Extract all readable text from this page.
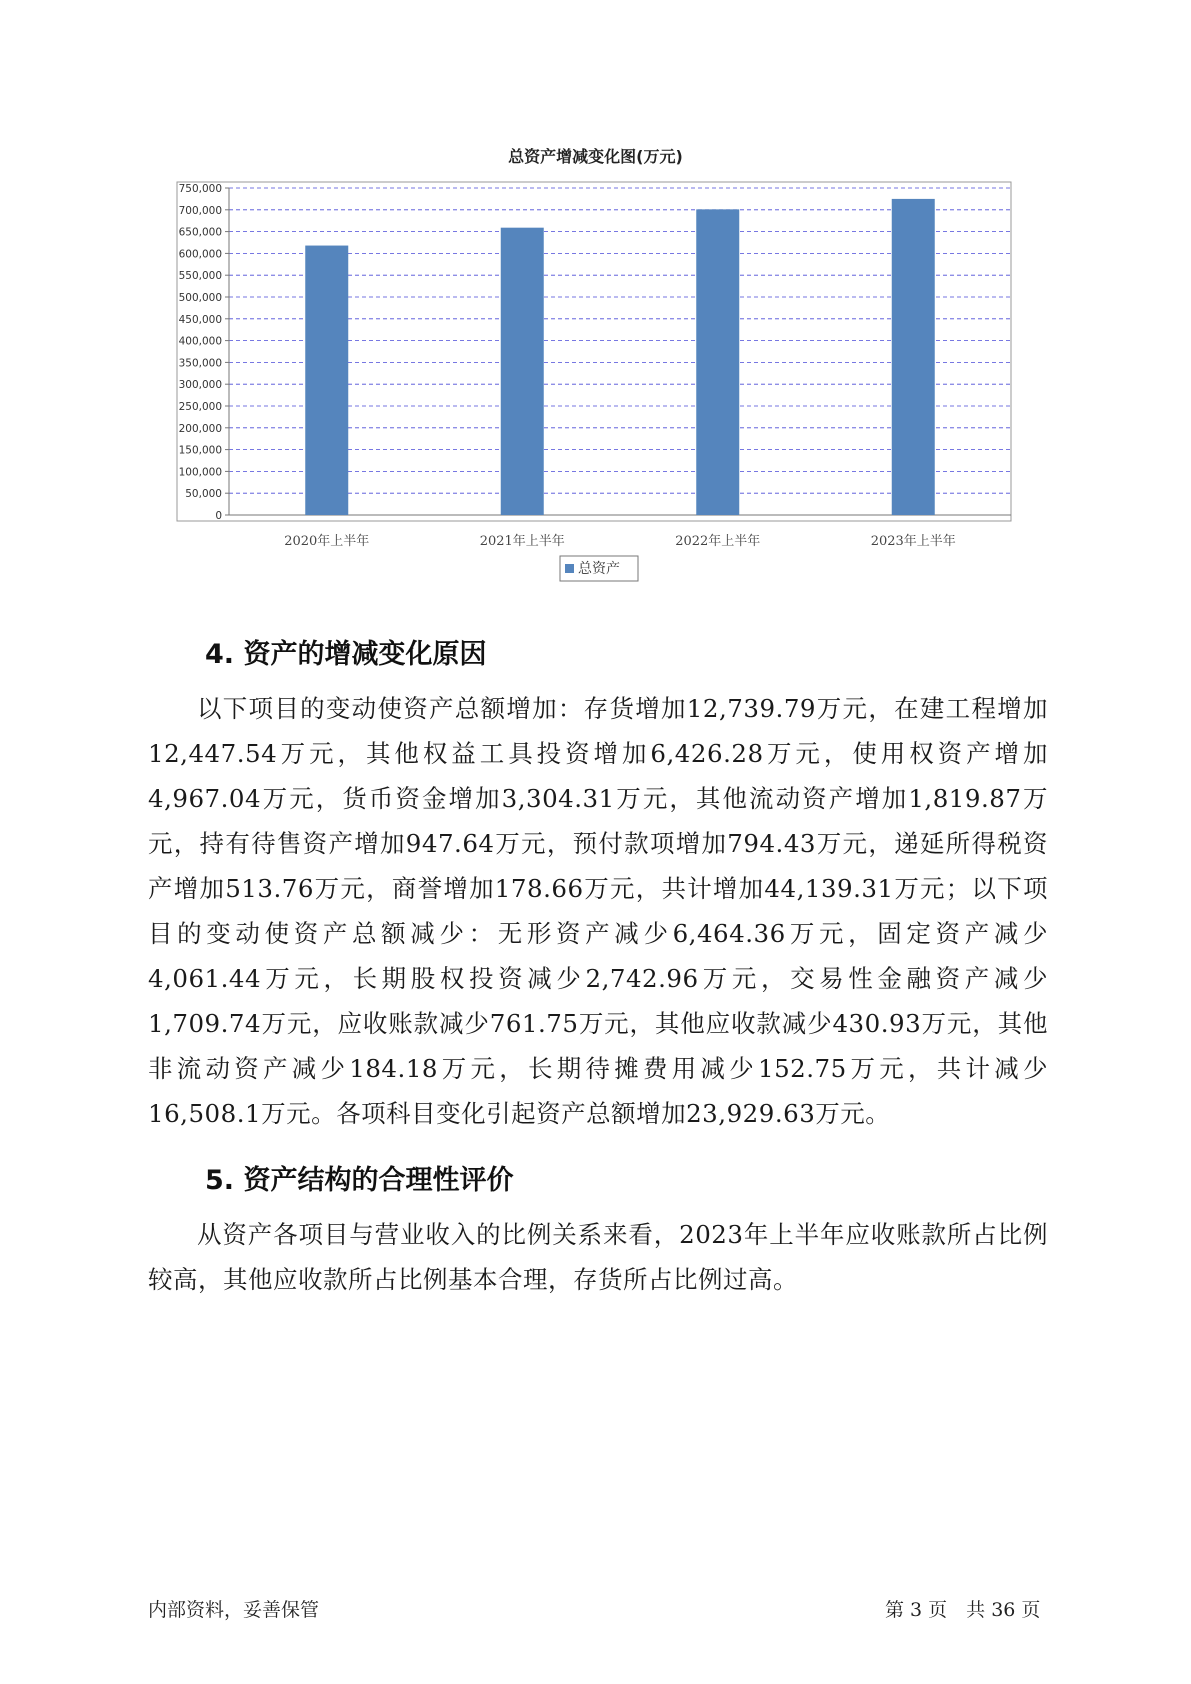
总资产增减变化图(万元)
0
50,000
100,000
150,000
200,000
250,000
300,000
350,000
400,000
450,000
500,000
550,000
600,000
650,000
700,000
750,000
2020年上半年	2021年上半年	2022年上半年	2023年上半年
总资产
4. 资产的增减变化原因

以下项目的变动使资产总额增加：存货增加12,739.79万元，在建工程增加12,447.54万元，其他权益工具投资增加6,426.28万元，使用权资产增加4,967.04万元，货币资金增加3,304.31万元，其他流动资产增加1,819.87万元，持有待售资产增加947.64万元，预付款项增加794.43万元，递延所得税资产增加513.76万元，商誉增加178.66万元，共计增加44,139.31万元；以下项目的变动使资产总额减少：无形资产减少6,464.36万元，固定资产减少4,061.44万元，长期股权投资减少2,742.96万元，交易性金融资产减少1,709.74万元，应收账款减少761.75万元，其他应收款减少430.93万元，其他非流动资产减少184.18万元，长期待摊费用减少152.75万元，共计减少16,508.1万元。各项科目变化引起资产总额增加23,929.63万元。

5. 资产结构的合理性评价

从资产各项目与营业收入的比例关系来看，2023年上半年应收账款所占比例较高，其他应收款所占比例基本合理，存货所占比例过高。

内部资料，妥善保管	第 3 页　共 36 页
